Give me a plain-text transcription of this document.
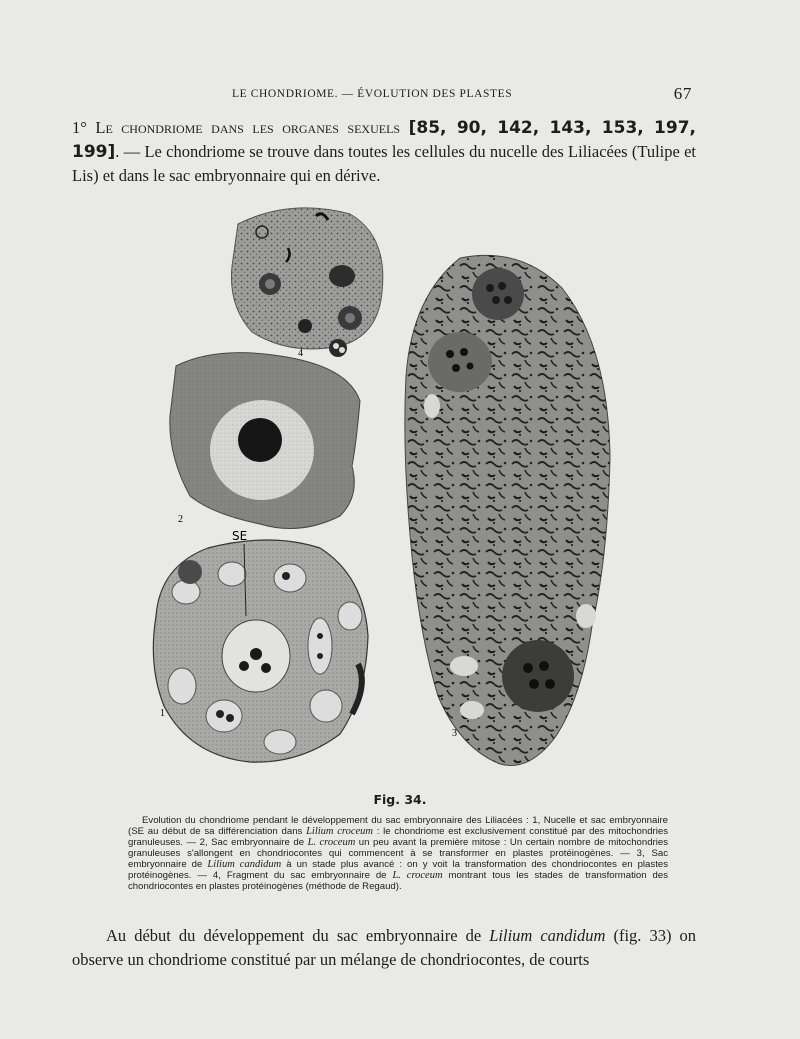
LE CHONDRIOME. — ÉVOLUTION DES PLASTES	67
1° Le chondriome dans les organes sexuels [85, 90, 142, 143, 153, 197, 199]. — Le chondriome se trouve dans toutes les cellules du nucelle des Liliacées (Tulipe et Lis) et dans le sac embryonnaire qui en dérive.
4
2
SE
1
3
Fig. 34.
Evolution du chondriome pendant le développement du sac embryonnaire des Liliacées : 1, Nucelle et sac embryonnaire (SE au début de sa différenciation dans Lilium croceum : le chondriome est exclusivement constitué par des mitochondries granuleuses. — 2, Sac embryonnaire de L. croceum un peu avant la première mitose : Un certain nombre de mitochondries granuleuses s'allongent en chondriocontes qui commencent à se transformer en plastes protéinogènes. — 3, Sac embryonnaire de Lilium candidum à un stade plus avancé : on y voit la transformation des chondriocontes en plastes protéinogènes. — 4, Fragment du sac embryonnaire de L. croceum montrant tous les stades de transformation des chondriocontes en plastes protéinogènes (méthode de Regaud).
Au début du développement du sac embryonnaire de Lilium candidum (fig. 33) on observe un chondriome constitué par un mélange de chondriocontes, de courts
